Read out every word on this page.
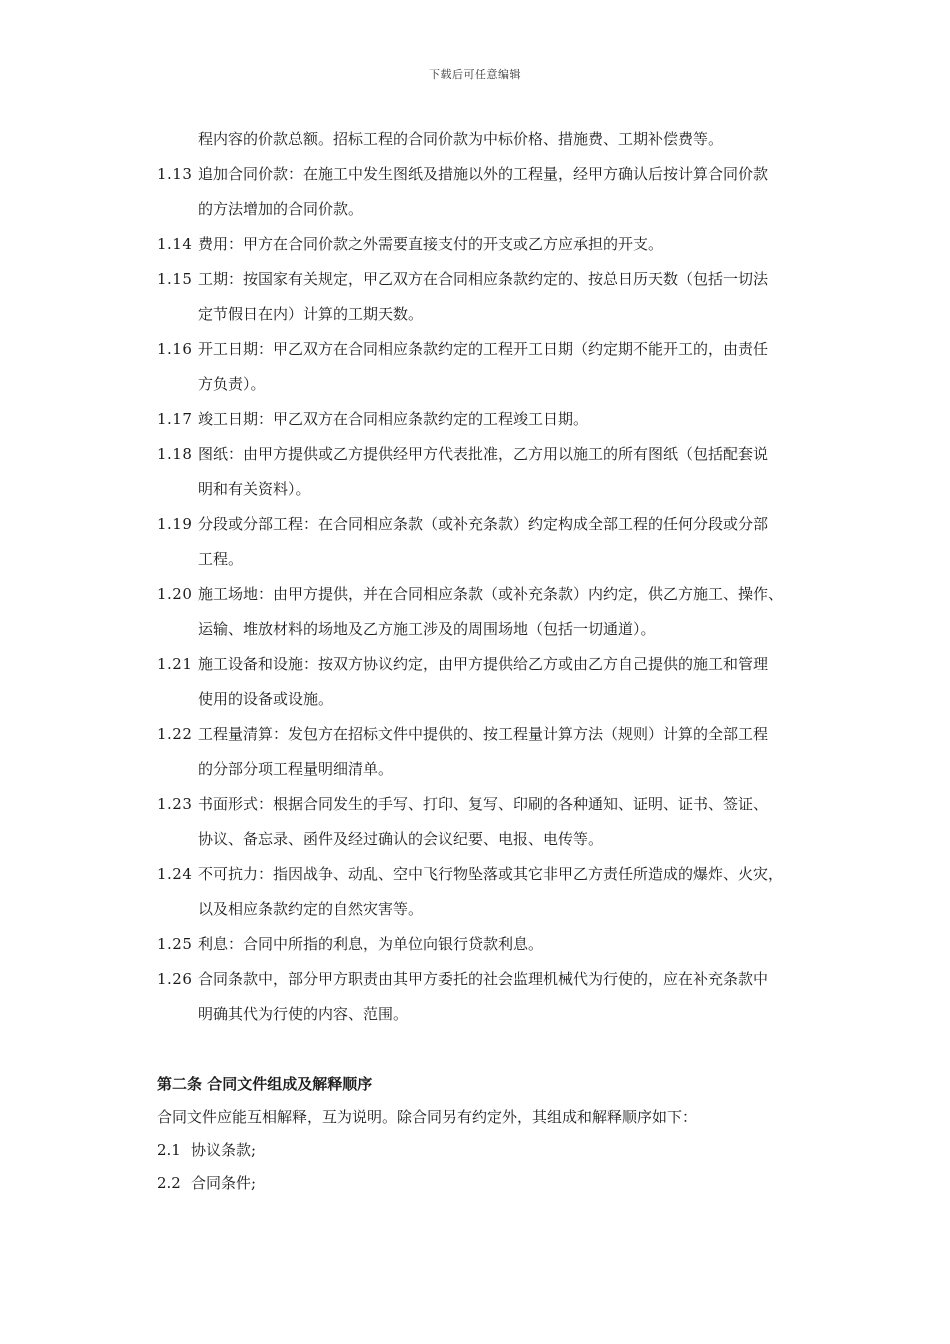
下载后可任意编辑
程内容的价款总额。招标工程的合同价款为中标价格、措施费、工期补偿费等。
1.13 追加合同价款：在施工中发生图纸及措施以外的工程量，经甲方确认后按计算合同价款
的方法增加的合同价款。
1.14 费用：甲方在合同价款之外需要直接支付的开支或乙方应承担的开支。
1.15 工期：按国家有关规定，甲乙双方在合同相应条款约定的、按总日历天数（包括一切法
定节假日在内）计算的工期天数。
1.16 开工日期：甲乙双方在合同相应条款约定的工程开工日期（约定期不能开工的，由责任
方负责）。
1.17 竣工日期：甲乙双方在合同相应条款约定的工程竣工日期。
1.18 图纸：由甲方提供或乙方提供经甲方代表批准，乙方用以施工的所有图纸（包括配套说
明和有关资料）。
1.19 分段或分部工程：在合同相应条款（或补充条款）约定构成全部工程的任何分段或分部
工程。
1.20 施工场地：由甲方提供，并在合同相应条款（或补充条款）内约定，供乙方施工、操作、
运输、堆放材料的场地及乙方施工涉及的周围场地（包括一切通道）。
1.21 施工设备和设施：按双方协议约定，由甲方提供给乙方或由乙方自己提供的施工和管理
使用的设备或设施。
1.22 工程量清算：发包方在招标文件中提供的、按工程量计算方法（规则）计算的全部工程
的分部分项工程量明细清单。
1.23 书面形式：根据合同发生的手写、打印、复写、印刷的各种通知、证明、证书、签证、
协议、备忘录、函件及经过确认的会议纪要、电报、电传等。
1.24 不可抗力：指因战争、动乱、空中飞行物坠落或其它非甲乙方责任所造成的爆炸、火灾，
以及相应条款约定的自然灾害等。
1.25 利息：合同中所指的利息，为单位向银行贷款利息。
1.26 合同条款中，部分甲方职责由其甲方委托的社会监理机械代为行使的，应在补充条款中
明确其代为行使的内容、范围。
第二条 合同文件组成及解释顺序
合同文件应能互相解释，互为说明。除合同另有约定外，其组成和解释顺序如下：
2.1 协议条款;
2.2 合同条件;
